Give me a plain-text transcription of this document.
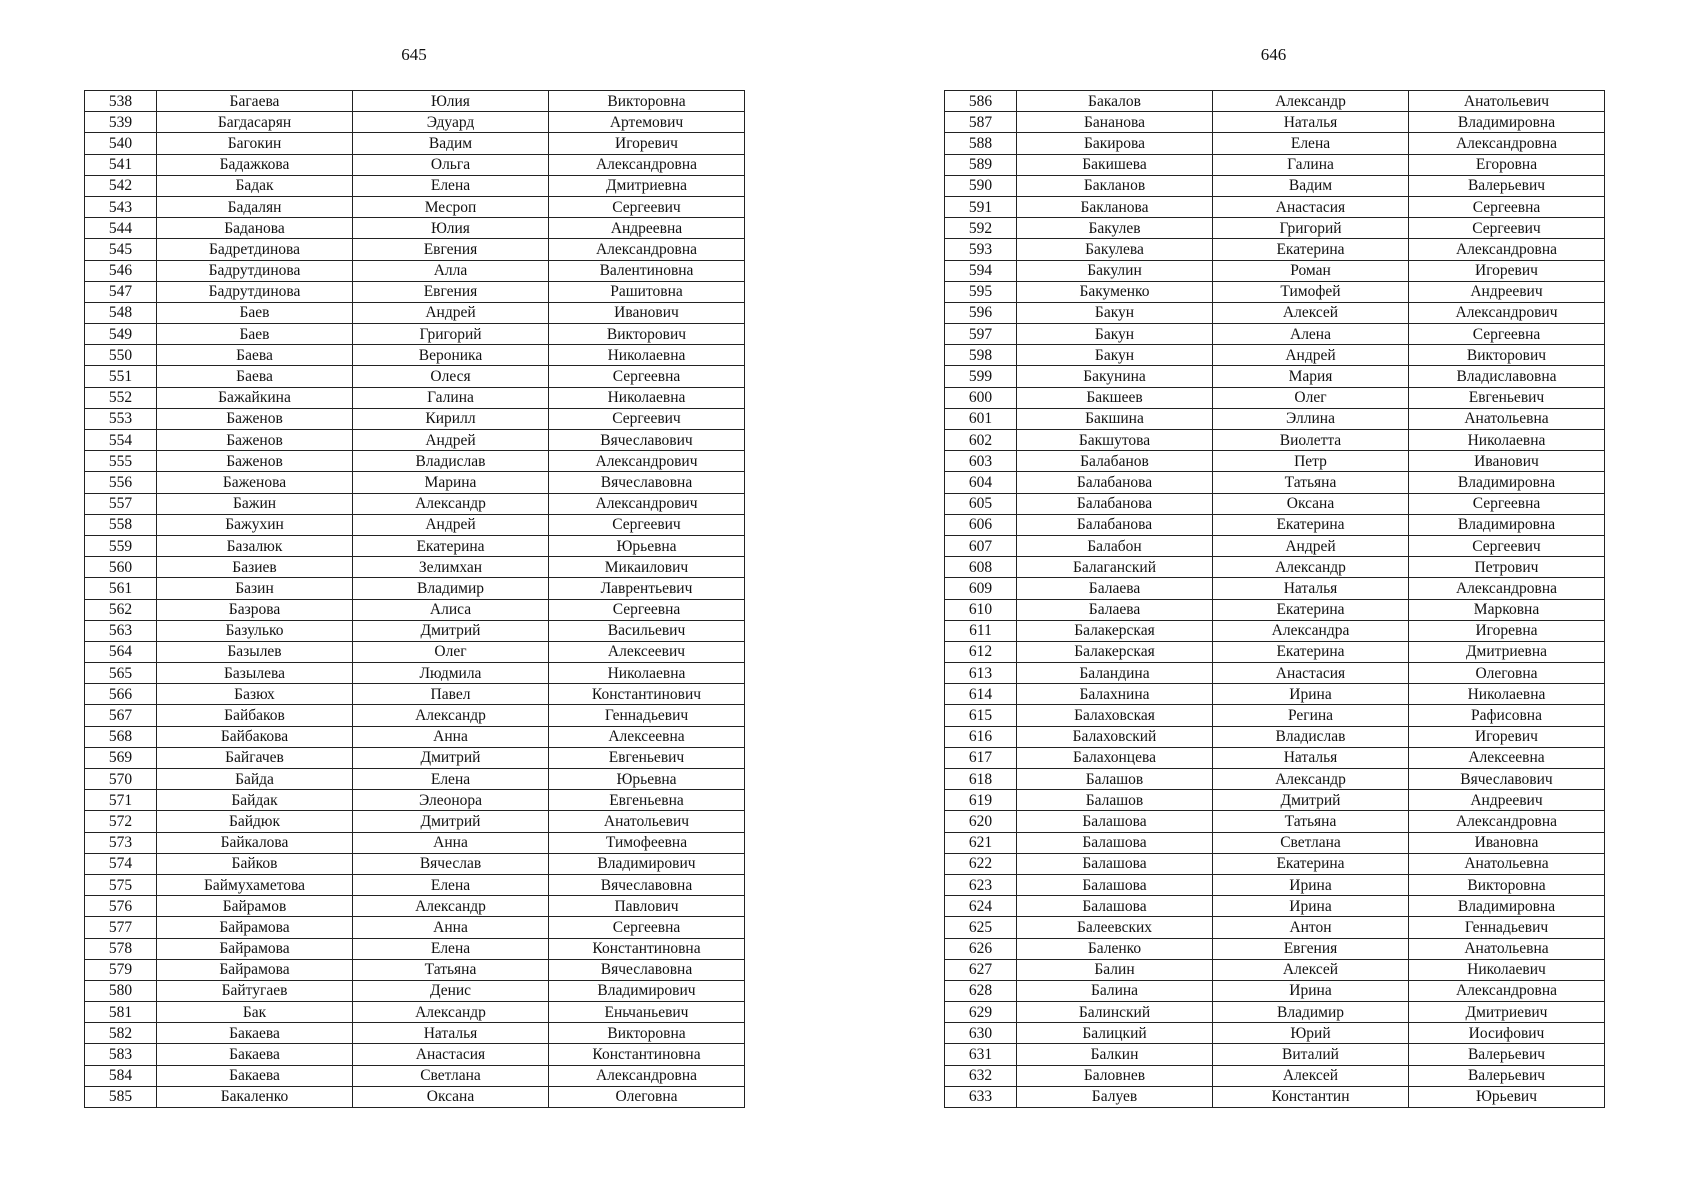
645
538	Багаева	Юлия	Викторовна
539	Багдасарян	Эдуард	Артемович
540	Багокин	Вадим	Игоревич
541	Бадажкова	Ольга	Александровна
542	Бадак	Елена	Дмитриевна
543	Бадалян	Месроп	Сергеевич
544	Баданова	Юлия	Андреевна
545	Бадретдинова	Евгения	Александровна
546	Бадрутдинова	Алла	Валентиновна
547	Бадрутдинова	Евгения	Рашитовна
548	Баев	Андрей	Иванович
549	Баев	Григорий	Викторович
550	Баева	Вероника	Николаевна
551	Баева	Олеся	Сергеевна
552	Бажайкина	Галина	Николаевна
553	Баженов	Кирилл	Сергеевич
554	Баженов	Андрей	Вячеславович
555	Баженов	Владислав	Александрович
556	Баженова	Марина	Вячеславовна
557	Бажин	Александр	Александрович
558	Бажухин	Андрей	Сергеевич
559	Базалюк	Екатерина	Юрьевна
560	Базиев	Зелимхан	Микаилович
561	Базин	Владимир	Лаврентьевич
562	Базрова	Алиса	Сергеевна
563	Базулько	Дмитрий	Васильевич
564	Базылев	Олег	Алексеевич
565	Базылева	Людмила	Николаевна
566	Базюх	Павел	Константинович
567	Байбаков	Александр	Геннадьевич
568	Байбакова	Анна	Алексеевна
569	Байгачев	Дмитрий	Евгеньевич
570	Байда	Елена	Юрьевна
571	Байдак	Элеонора	Евгеньевна
572	Байдюк	Дмитрий	Анатольевич
573	Байкалова	Анна	Тимофеевна
574	Байков	Вячеслав	Владимирович
575	Баймухаметова	Елена	Вячеславовна
576	Байрамов	Александр	Павлович
577	Байрамова	Анна	Сергеевна
578	Байрамова	Елена	Константиновна
579	Байрамова	Татьяна	Вячеславовна
580	Байтугаев	Денис	Владимирович
581	Бак	Александр	Еньчаньевич
582	Бакаева	Наталья	Викторовна
583	Бакаева	Анастасия	Константиновна
584	Бакаева	Светлана	Александровна
585	Бакаленко	Оксана	Олеговна
646
586	Бакалов	Александр	Анатольевич
587	Бананова	Наталья	Владимировна
588	Бакирова	Елена	Александровна
589	Бакишева	Галина	Егоровна
590	Бакланов	Вадим	Валерьевич
591	Бакланова	Анастасия	Сергеевна
592	Бакулев	Григорий	Сергеевич
593	Бакулева	Екатерина	Александровна
594	Бакулин	Роман	Игоревич
595	Бакуменко	Тимофей	Андреевич
596	Бакун	Алексей	Александрович
597	Бакун	Алена	Сергеевна
598	Бакун	Андрей	Викторович
599	Бакунина	Мария	Владиславовна
600	Бакшеев	Олег	Евгеньевич
601	Бакшина	Эллина	Анатольевна
602	Бакшутова	Виолетта	Николаевна
603	Балабанов	Петр	Иванович
604	Балабанова	Татьяна	Владимировна
605	Балабанова	Оксана	Сергеевна
606	Балабанова	Екатерина	Владимировна
607	Балабон	Андрей	Сергеевич
608	Балаганский	Александр	Петрович
609	Балаева	Наталья	Александровна
610	Балаева	Екатерина	Марковна
611	Балакерская	Александра	Игоревна
612	Балакерская	Екатерина	Дмитриевна
613	Баландина	Анастасия	Олеговна
614	Балахнина	Ирина	Николаевна
615	Балаховская	Регина	Рафисовна
616	Балаховский	Владислав	Игоревич
617	Балахонцева	Наталья	Алексеевна
618	Балашов	Александр	Вячеславович
619	Балашов	Дмитрий	Андреевич
620	Балашова	Татьяна	Александровна
621	Балашова	Светлана	Ивановна
622	Балашова	Екатерина	Анатольевна
623	Балашова	Ирина	Викторовна
624	Балашова	Ирина	Владимировна
625	Балеевских	Антон	Геннадьевич
626	Баленко	Евгения	Анатольевна
627	Балин	Алексей	Николаевич
628	Балина	Ирина	Александровна
629	Балинский	Владимир	Дмитриевич
630	Балицкий	Юрий	Иосифович
631	Балкин	Виталий	Валерьевич
632	Баловнев	Алексей	Валерьевич
633	Балуев	Константин	Юрьевич
